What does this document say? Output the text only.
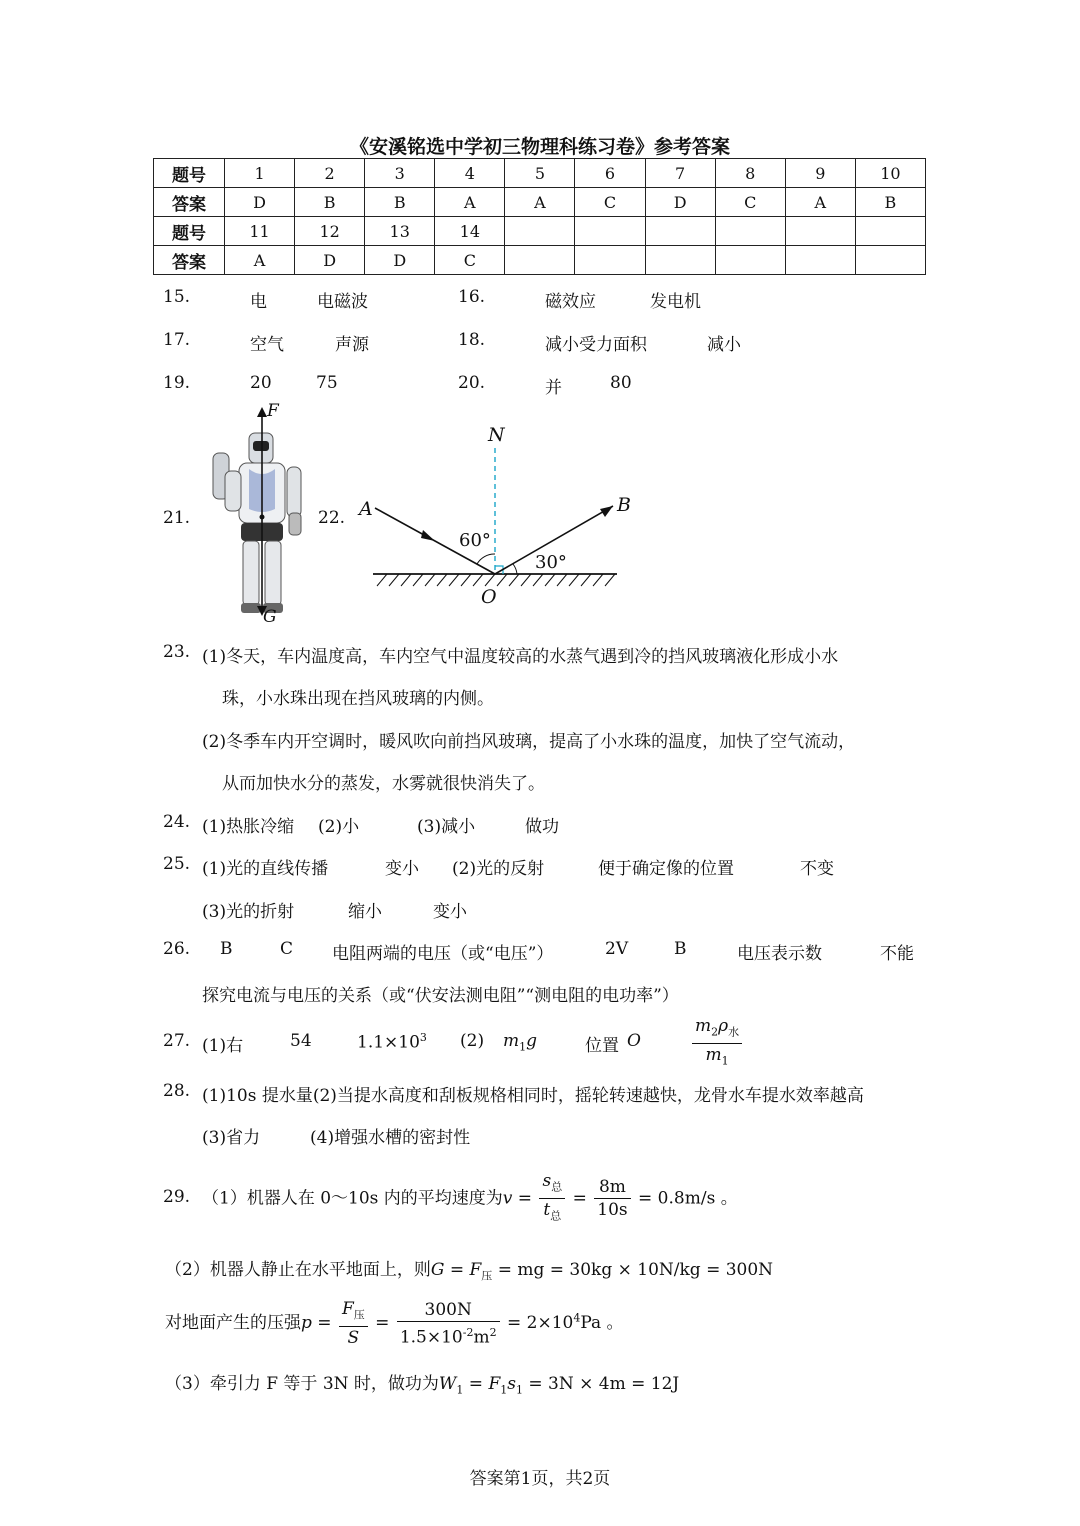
《安溪铭选中学初三物理科练习卷》参考答案
题号	1	2	3	4	5	6	7	8	9	10
答案	D	B	B	A	A	C	D	C	A	B
题号	11	12	13	14						
答案	A	D	D	C						
15.	电	电磁波	16.	磁效应	发电机
17.	空气	声源	18.	减小受力面积	减小
19.	20	75	20.	并	80
21.
F
G
22.
N
A	B
O
60°
30°
23. (1)冬天，车内温度高，车内空气中温度较高的水蒸气遇到冷的挡风玻璃液化形成小水
珠，小水珠出现在挡风玻璃的内侧。
(2)冬季车内开空调时，暖风吹向前挡风玻璃，提高了小水珠的温度，加快了空气流动，
从而加快水分的蒸发，水雾就很快消失了。
24. (1)热胀冷缩 (2)小	(3)减小	做功
25. (1)光的直线传播	变小 (2)光的反射	便于确定像的位置	不变
(3)光的折射	缩小	变小
26. B	C 电阻两端的电压（或“电压”）	2V	B	电压表示数	不能
探究电流与电压的关系（或“伏安法测电阻”“测电阻的电功率”）
27. (1)右	54	$1.1\times 10^3$ (2) $m_1g$	位置 O	$\frac{m_2\rho_水}{m_1}$
28. (1)10s 提水量(2)当提水高度和刮板规格相同时，摇轮转速越快，龙骨水车提水效率越高
(3)省力	(4)增强水槽的密封性
29. （1）机器人在 0～10s 内的平均速度为$v = \frac{s_总}{t_总} = \frac{8m}{10s} = 0.8m/s$ 。
（2）机器人静止在水平地面上，则$G = F_压$ = mg = 30kg × 10N/kg = 300N
对地面产生的压强$p = \frac{F_压}{S} = \frac{300N}{1.5\times 10^{-2}m^2} = 2\times 10^4Pa$ 。
（3）牵引力 F 等于 3N 时，做功为$W_1 = F_1s_1 = 3N \times 4m = 12J$
答案第1页，共2页
